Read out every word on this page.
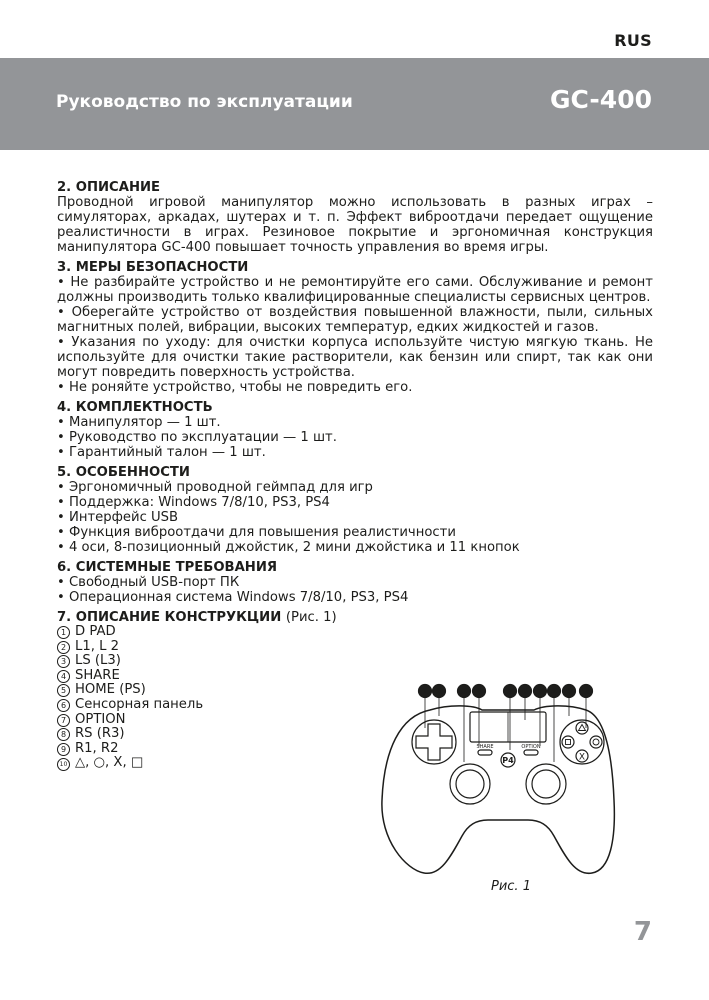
RUS
Руководство по эксплуатации	GC-400
2. ОПИСАНИЕ

Проводной игровой манипулятор можно использовать в разных играх – симуляторах, аркадах, шутерах и т. п. Эффект виброотдачи передает ощущение реалистичности в играх. Резиновое покрытие и эргономичная конструкция манипулятора GC-400 повышает точность управления во время игры.

3. МЕРЫ БЕЗОПАСНОСТИ
• Не разбирайте устройство и не ремонтируйте его сами. Обслуживание и ремонт должны производить только квалифицированные специалисты сервисных центров.
• Оберегайте устройство от воздействия повышенной влажности, пыли, сильных магнитных полей, вибрации, высоких температур, едких жидкостей и газов.
• Указания по уходу: для очистки корпуса используйте чистую мягкую ткань. Не используйте для очистки такие растворители, как бензин или спирт, так как они могут повредить поверхность устройства.
• Не роняйте устройство, чтобы не повредить его.
4. КОМПЛЕКТНОСТЬ
• Манипулятор — 1 шт.
• Руководство по эксплуатации — 1 шт.
• Гарантийный талон — 1 шт.
5. ОСОБЕННОСТИ
• Эргономичный проводной геймпад для игр
• Поддержка: Windows 7/8/10, PS3, PS4
• Интерфейс USB
• Функция виброотдачи для повышения реалистичности
• 4 оси, 8-позиционный джойстик, 2 мини джойстика и 11 кнопок
6. СИСТЕМНЫЕ ТРЕБОВАНИЯ
• Свободный USB-порт ПК
• Операционная система Windows 7/8/10, PS3, PS4
7. ОПИСАНИЕ КОНСТРУКЦИИ (Рис. 1)
1 D PAD
2 L1, L 2
3 LS (L3)
4 SHARE
5 HOME (PS)
6 Сенсорная панель
7 OPTION
8 RS (R3)
9 R1, R2
10 △, ○, X, □
1 2 3 4	5 6 7 8 9 10
SHARE	OPTION
P4	X
Рис. 1
7
